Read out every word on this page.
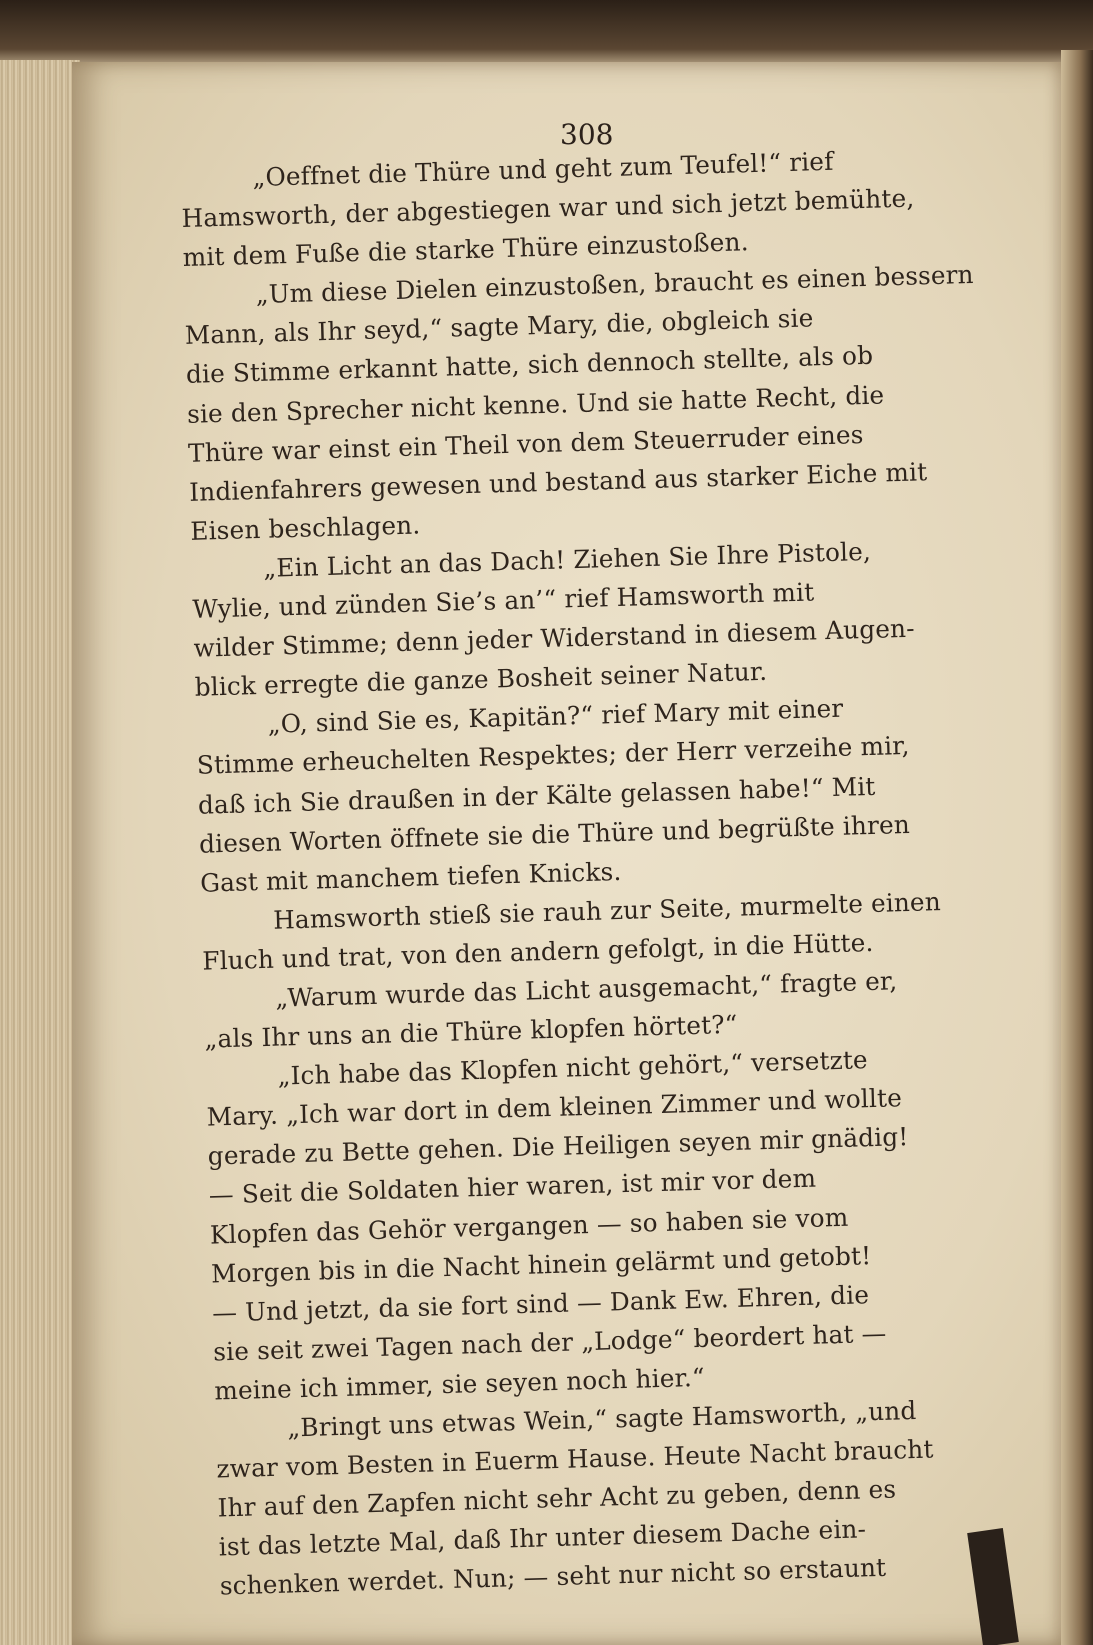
308
„Oeffnet die Thüre und geht zum Teufel!“ rief
Hamsworth, der abgestiegen war und sich jetzt bemühte,
mit dem Fuße die starke Thüre einzustoßen.
„Um diese Dielen einzustoßen, braucht es einen bessern
Mann, als Ihr seyd,“ sagte Mary, die, obgleich sie
die Stimme erkannt hatte, sich dennoch stellte, als ob
sie den Sprecher nicht kenne. Und sie hatte Recht, die
Thüre war einst ein Theil von dem Steuerruder eines
Indienfahrers gewesen und bestand aus starker Eiche mit
Eisen beschlagen.
„Ein Licht an das Dach! Ziehen Sie Ihre Pistole,
Wylie, und zünden Sie’s an’“ rief Hamsworth mit
wilder Stimme; denn jeder Widerstand in diesem Augen-
blick erregte die ganze Bosheit seiner Natur.
„O, sind Sie es, Kapitän?“ rief Mary mit einer
Stimme erheuchelten Respektes; der Herr verzeihe mir,
daß ich Sie draußen in der Kälte gelassen habe!“ Mit
diesen Worten öffnete sie die Thüre und begrüßte ihren
Gast mit manchem tiefen Knicks.
Hamsworth stieß sie rauh zur Seite, murmelte einen
Fluch und trat, von den andern gefolgt, in die Hütte.
„Warum wurde das Licht ausgemacht,“ fragte er,
„als Ihr uns an die Thüre klopfen hörtet?“
„Ich habe das Klopfen nicht gehört,“ versetzte
Mary. „Ich war dort in dem kleinen Zimmer und wollte
gerade zu Bette gehen. Die Heiligen seyen mir gnädig!
— Seit die Soldaten hier waren, ist mir vor dem
Klopfen das Gehör vergangen — so haben sie vom
Morgen bis in die Nacht hinein gelärmt und getobt!
— Und jetzt, da sie fort sind — Dank Ew. Ehren, die
sie seit zwei Tagen nach der „Lodge“ beordert hat —
meine ich immer, sie seyen noch hier.“
„Bringt uns etwas Wein,“ sagte Hamsworth, „und
zwar vom Besten in Euerm Hause. Heute Nacht braucht
Ihr auf den Zapfen nicht sehr Acht zu geben, denn es
ist das letzte Mal, daß Ihr unter diesem Dache ein-
schenken werdet. Nun; — seht nur nicht so erstaunt
